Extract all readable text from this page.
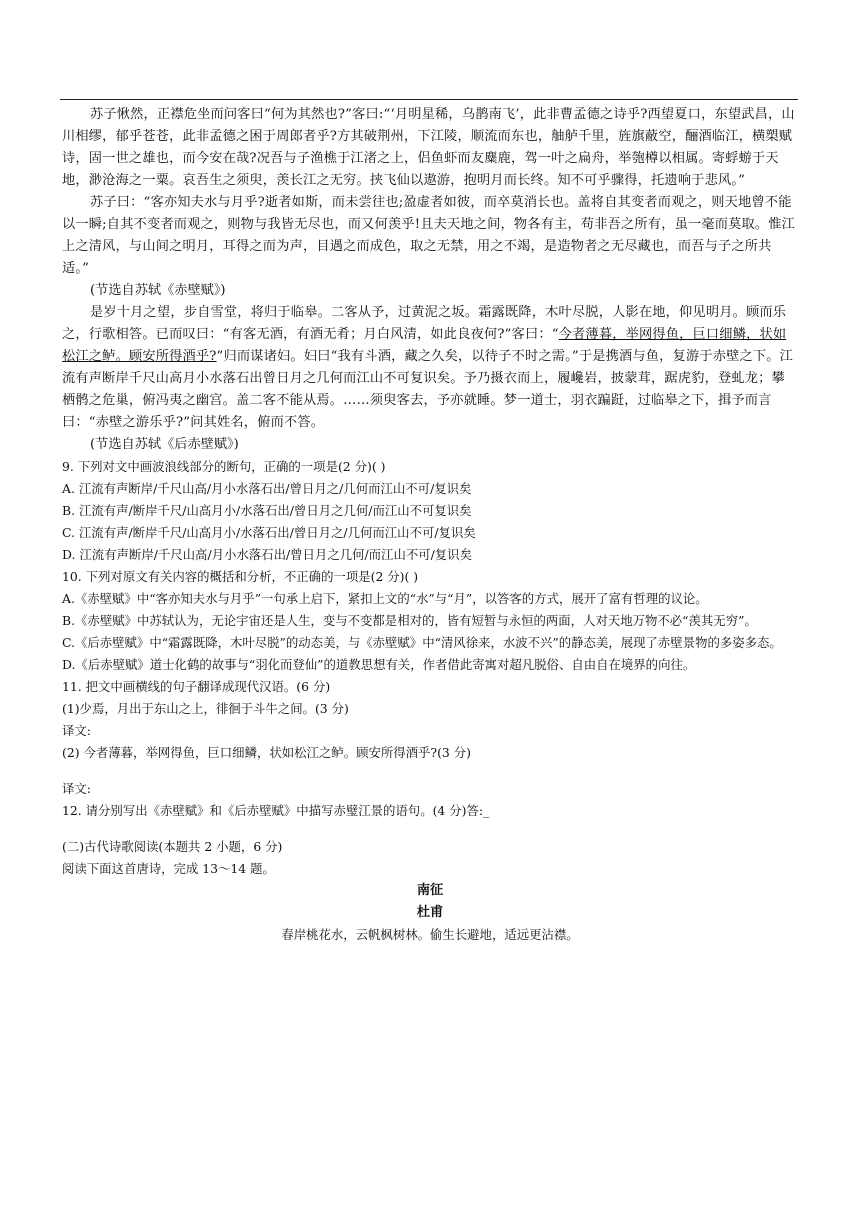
苏子愀然，正襟危坐而问客曰“何为其然也?”客曰:“‘月明星稀，乌鹊南飞’，此非曹孟德之诗乎?西望夏口，东望武昌，山川相缪，郁乎苍苍，此非孟德之困于周郎者乎?方其破荆州，下江陵，顺流而东也，舳舻千里，旌旗蔽空，酾酒临江，横槊赋诗，固一世之雄也，而今安在哉?况吾与子渔樵于江渚之上，侣鱼虾而友麋鹿，驾一叶之扁舟，举匏樽以相属。寄蜉蝣于天地，渺沧海之一粟。哀吾生之须臾，羡长江之无穷。挟飞仙以遨游，抱明月而长终。知不可乎骤得，托遗响于悲风。”

苏子曰：“客亦知夫水与月乎?逝者如斯，而未尝往也;盈虚者如彼，而卒莫消长也。盖将自其变者而观之，则天地曾不能以一瞬;自其不变者而观之，则物与我皆无尽也，而又何羡乎!且夫天地之间，物各有主，苟非吾之所有，虽一毫而莫取。惟江上之清风，与山间之明月，耳得之而为声，目遇之而成色，取之无禁，用之不竭，是造物者之无尽藏也，而吾与子之所共适。”

(节选自苏轼《赤壁赋》)

是岁十月之望，步自雪堂，将归于临皋。二客从予，过黄泥之坂。霜露既降，木叶尽脱，人影在地，仰见明月。顾而乐之，行歌相答。已而叹曰：“有客无酒，有酒无肴；月白风清，如此良夜何?”客曰：“今者薄暮，举网得鱼，巨口细鳞，状如松江之鲈。顾安所得酒乎?”归而谋诸妇。妇曰“我有斗酒，藏之久矣，以待子不时之需。”于是携酒与鱼，复游于赤壁之下。江流有声断岸千尺山高月小水落石出曾日月之几何而江山不可复识矣。予乃摄衣而上，履巉岩，披蒙茸，踞虎豹，登虬龙；攀栖鹘之危巢，俯冯夷之幽宫。盖二客不能从焉。……须臾客去，予亦就睡。梦一道士，羽衣蹁跹，过临皋之下，揖予而言曰：“赤壁之游乐乎?”问其姓名，俯而不答。

(节选自苏轼《后赤壁赋》)

9. 下列对文中画波浪线部分的断句，正确的一项是(2 分)( )

A. 江流有声断岸/千尺山高/月小水落石出/曾日月之/几何而江山不可/复识矣

B. 江流有声/断岸千尺/山高月小/水落石出/曾日月之几何/而江山不可复识矣

C. 江流有声/断岸千尺/山高月小/水落石出/曾日月之/几何而江山不可/复识矣

D. 江流有声断岸/千尺山高/月小水落石出/曾日月之几何/而江山不可/复识矣

10. 下列对原文有关内容的概括和分析，不正确的一项是(2 分)( )

A.《赤壁赋》中“客亦知夫水与月乎”一句承上启下，紧扣上文的“水”与“月”，以答客的方式，展开了富有哲理的议论。

B.《赤壁赋》中苏轼认为，无论宇宙还是人生，变与不变都是相对的，皆有短暂与永恒的两面，人对天地万物不必“羡其无穷”。

C.《后赤壁赋》中“霜露既降，木叶尽脱”的动态美，与《赤壁赋》中“清风徐来，水波不兴”的静态美，展现了赤壁景物的多姿多态。

D.《后赤壁赋》道士化鹤的故事与“羽化而登仙”的道教思想有关，作者借此寄寓对超凡脱俗、自由自在境界的向往。

11. 把文中画横线的句子翻译成现代汉语。(6 分)

(1)少焉，月出于东山之上，徘徊于斗牛之间。(3 分)

译文:

(2) 今者薄暮，举网得鱼，巨口细鳞，状如松江之鲈。顾安所得酒乎?(3 分)

译文:

12. 请分别写出《赤壁赋》和《后赤壁赋》中描写赤璧江景的语句。(4 分)答:_

(二)古代诗歌阅读(本题共 2 小题，6 分)

阅读下面这首唐诗，完成 13～14 题。

南征

杜甫

春岸桃花水，云帆枫树林。偷生长避地，适远更沾襟。
